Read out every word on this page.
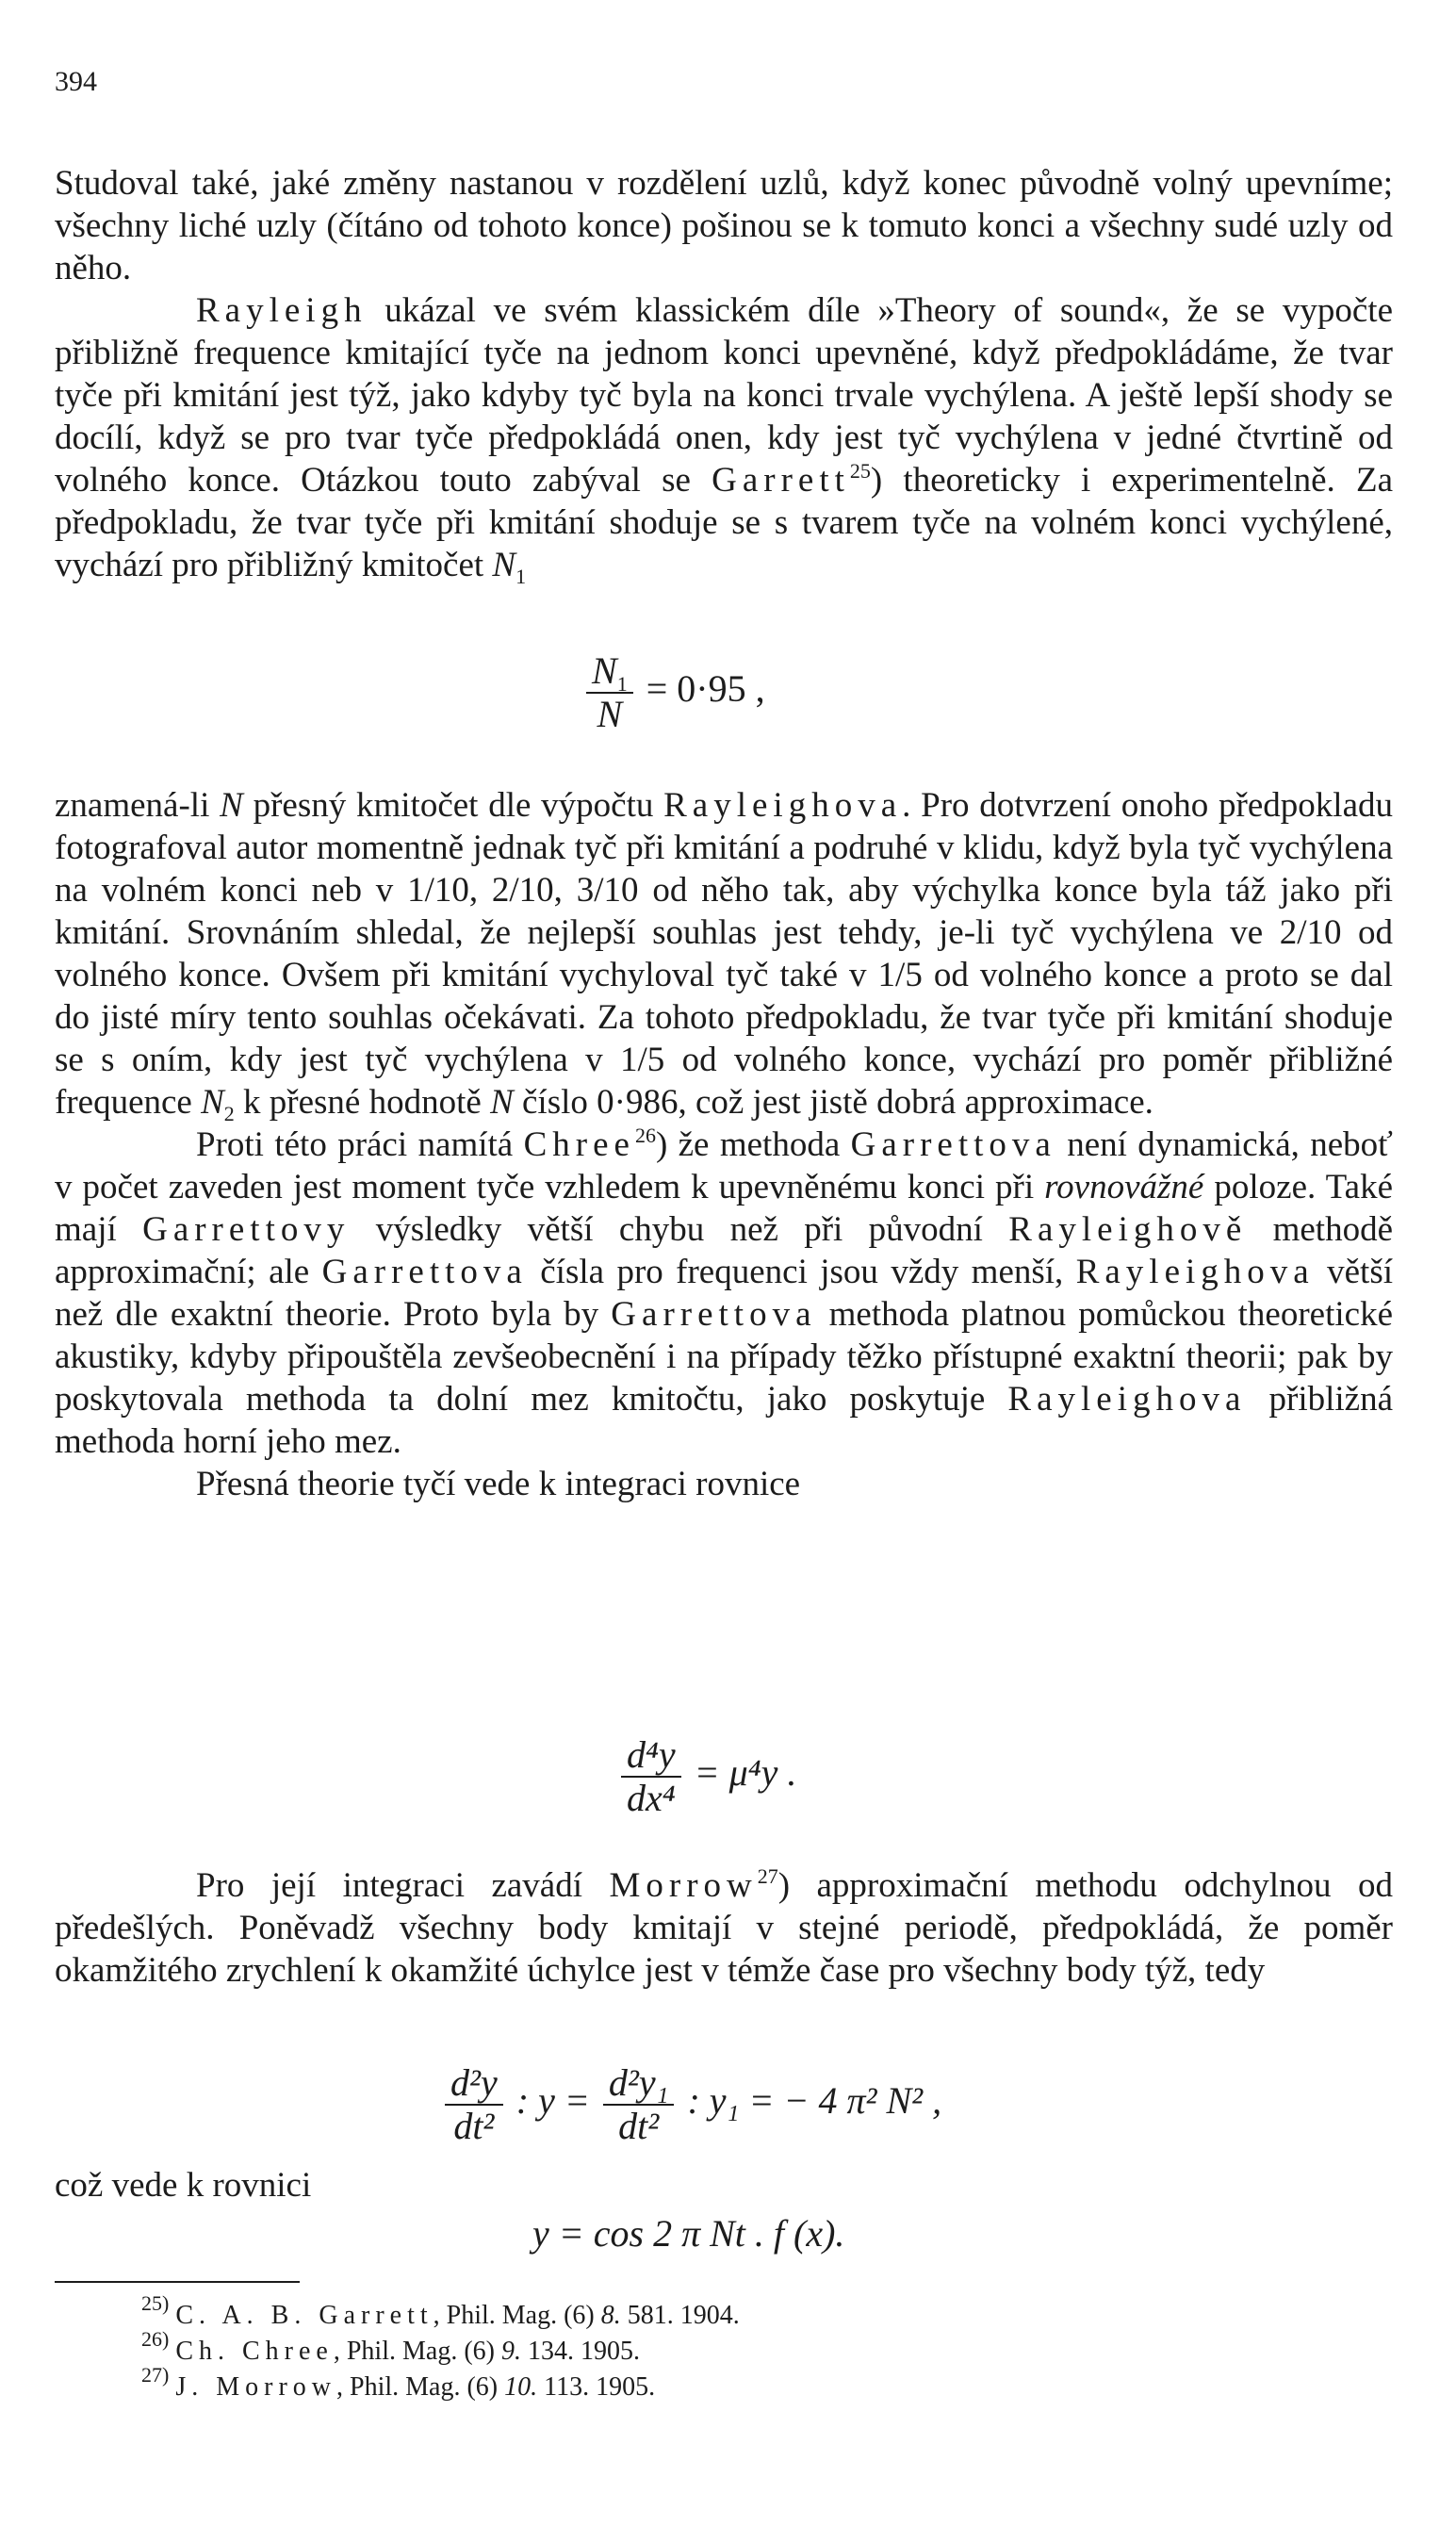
394

Studoval také, jaké změny nastanou v rozdělení uzlů, když konec původně volný upevníme; všechny liché uzly (čítáno od tohoto konce) pošinou se k tomuto konci a všechny sudé uzly od něho.

Rayleigh ukázal ve svém klassickém díle »Theory of sound«, že se vypočte přibližně frequence kmitající tyče na jednom konci upevněné, když předpokládáme, že tvar tyče při kmitání jest týž, jako kdyby tyč byla na konci trvale vychýlena. A ještě lepší shody se docílí, když se pro tvar tyče předpokládá onen, kdy jest tyč vychýlena v jedné čtvrtině od volného konce. Otázkou touto zabýval se Garrett$^{25}$) theoreticky i experimentelně. Za předpokladu, že tvar tyče při kmitání shoduje se s tvarem tyče na volném konci vychýlené, vychází pro přibližný kmitočet $N_1$

$\frac{N_1}{N} = 0\cdot 95$ ,

znamená-li N přesný kmitočet dle výpočtu Rayleighova. Pro dotvrzení onoho předpokladu fotografoval autor momentně jednak tyč při kmitání a podruhé v klidu, když byla tyč vychýlena na volném konci neb v 1/10, 2/10, 3/10 od něho tak, aby výchylka konce byla táž jako při kmitání. Srovnáním shledal, že nejlepší souhlas jest tehdy, je-li tyč vychýlena ve 2/10 od volného konce. Ovšem při kmitání vychyloval tyč také v 1/5 od volného konce a proto se dal do jisté míry tento souhlas očekávati. Za tohoto předpokladu, že tvar tyče při kmitání shoduje se s oním, kdy jest tyč vychýlena v 1/5 od volného konce, vychází pro poměr přibližné frequence $N_2$ k přesné hodnotě N číslo 0·986, což jest jistě dobrá approximace.

Proti této práci namítá Chree$^{26}$) že methoda Garrettova není dynamická, neboť v počet zaveden jest moment tyče vzhledem k upevněnému konci při rovnovážné poloze. Také mají Garrettovy výsledky větší chybu než při původní Rayleighově methodě approximační; ale Garrettova čísla pro frequenci jsou vždy menší, Rayleighova větší než dle exaktní theorie. Proto byla by Garrettova methoda platnou pomůckou theoretické akustiky, kdyby připouštěla zevšeobecnění i na případy těžko přístupné exaktní theorii; pak by poskytovala methoda ta dolní mez kmitočtu, jako poskytuje Rayleighova přibližná methoda horní jeho mez.

Přesná theorie tyčí vede k integraci rovnice

$\frac{\text{d⁴y}}{\text{dx⁴}} = \mu^4y$ .

Pro její integraci zavádí Morrow$^{27}$) approximační methodu odchylnou od předešlých. Poněvadž všechny body kmitají v stejné periodě, předpokládá, že poměr okamžitého zrychlení k okamžité úchylce jest v témže čase pro všechny body týž, tedy

$\frac{\text{d²y}}{\text{dt²}}$ : $y = \frac{\text{d²y₁}}{\text{dt²}}$ : y₁ = − 4 π² N² ,

což vede k rovnici

y = cos 2 π Nt . f (x).
$^{25)}$ C. A. B. Garrett, Phil. Mag. (6) 8. 581. 1904.
$^{26)}$ Ch. Chree, Phil. Mag. (6) 9. 134. 1905.
$^{27)}$ J. Morrow, Phil. Mag. (6) 10. 113. 1905.
